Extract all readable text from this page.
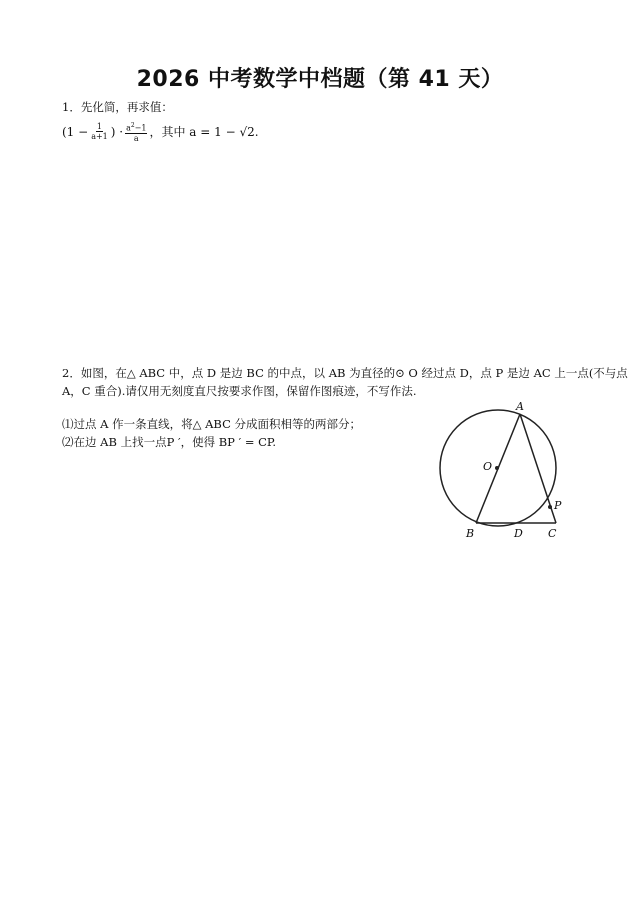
2026 中考数学中档题（第 41 天）
1．先化简，再求值：
($1 - \frac{1}{a+1}$ ) · $\frac{a^2-1}{a}$ ，其中 a = 1 − √2.
2．如图，在△ ABC 中，点 D 是边 BC 的中点，以 AB 为直径的⊙ O 经过点 D，点 P 是边 AC 上一点(不与点
A，C 重合).请仅用无刻度直尺按要求作图，保留作图痕迹，不写作法.
⑴过点 A 作一条直线，将△ ABC 分成面积相等的两部分；
⑵在边 AB 上找一点P ′，使得 BP ′ = CP.
A
O
P
B	D C
